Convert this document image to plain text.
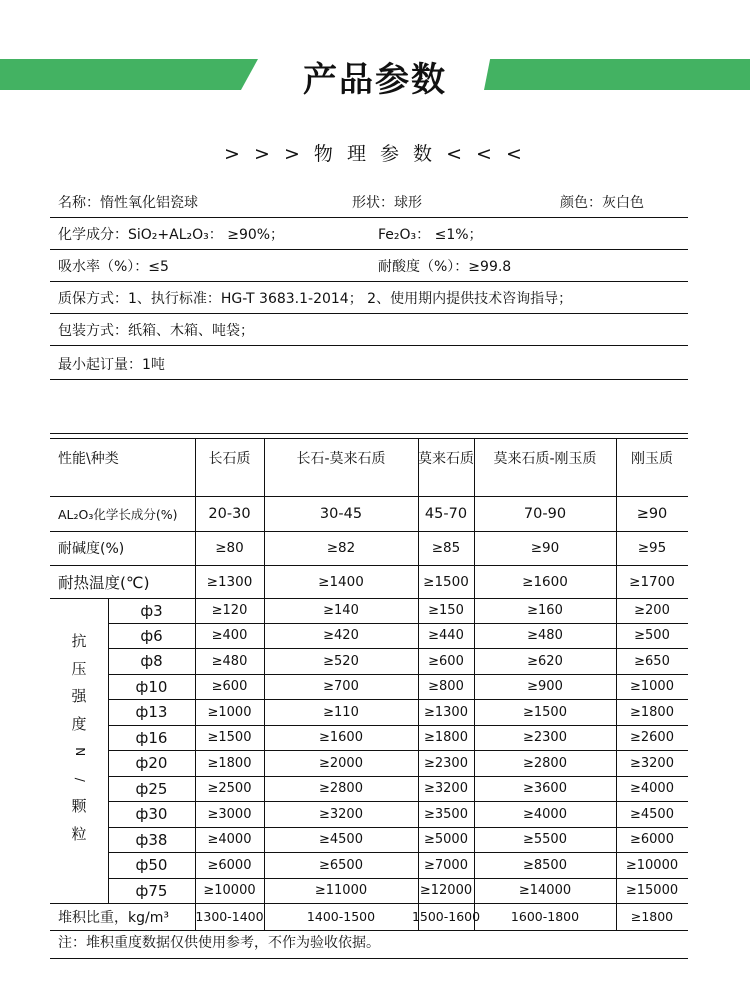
产品参数
> > > 物 理 参 数 < < <
名称：惰性氧化铝瓷球	形状：球形	颜色：灰白色
化学成分：SiO₂+AL₂O₃： ≥90%；	Fe₂O₃： ≤1%；
吸水率（%）：≤5	耐酸度（%）：≥99.8
质保方式：1、执行标准：HG-T 3683.1-2014； 2、使用期内提供技术咨询指导；
包装方式：纸箱、木箱、吨袋；
最小起订量：1吨
性能\种类	长石质	长石-莫来石质	莫来石质	莫来石质-刚玉质	刚玉质
AL₂O₃化学长成分(%)	20-30	30-45	45-70	70-90	≥90
耐碱度(%)	≥80	≥82	≥85	≥90	≥95
耐热温度(℃)	≥1300	≥1400	≥1500	≥1600	≥1700
抗
压
强
度
N
/
颗
粒
ф3	≥120	≥140	≥150	≥160	≥200
ф6	≥400	≥420	≥440	≥480	≥500
ф8	≥480	≥520	≥600	≥620	≥650
ф10	≥600	≥700	≥800	≥900	≥1000
ф13	≥1000	≥110	≥1300	≥1500	≥1800
ф16	≥1500	≥1600	≥1800	≥2300	≥2600
ф20	≥1800	≥2000	≥2300	≥2800	≥3200
ф25	≥2500	≥2800	≥3200	≥3600	≥4000
ф30	≥3000	≥3200	≥3500	≥4000	≥4500
ф38	≥4000	≥4500	≥5000	≥5500	≥6000
ф50	≥6000	≥6500	≥7000	≥8500	≥10000
ф75	≥10000	≥11000	≥12000	≥14000	≥15000
堆积比重，kg/m³	1300-1400	1400-1500	1500-1600	1600-1800	≥1800
注：堆积重度数据仅供使用参考，不作为验收依据。
